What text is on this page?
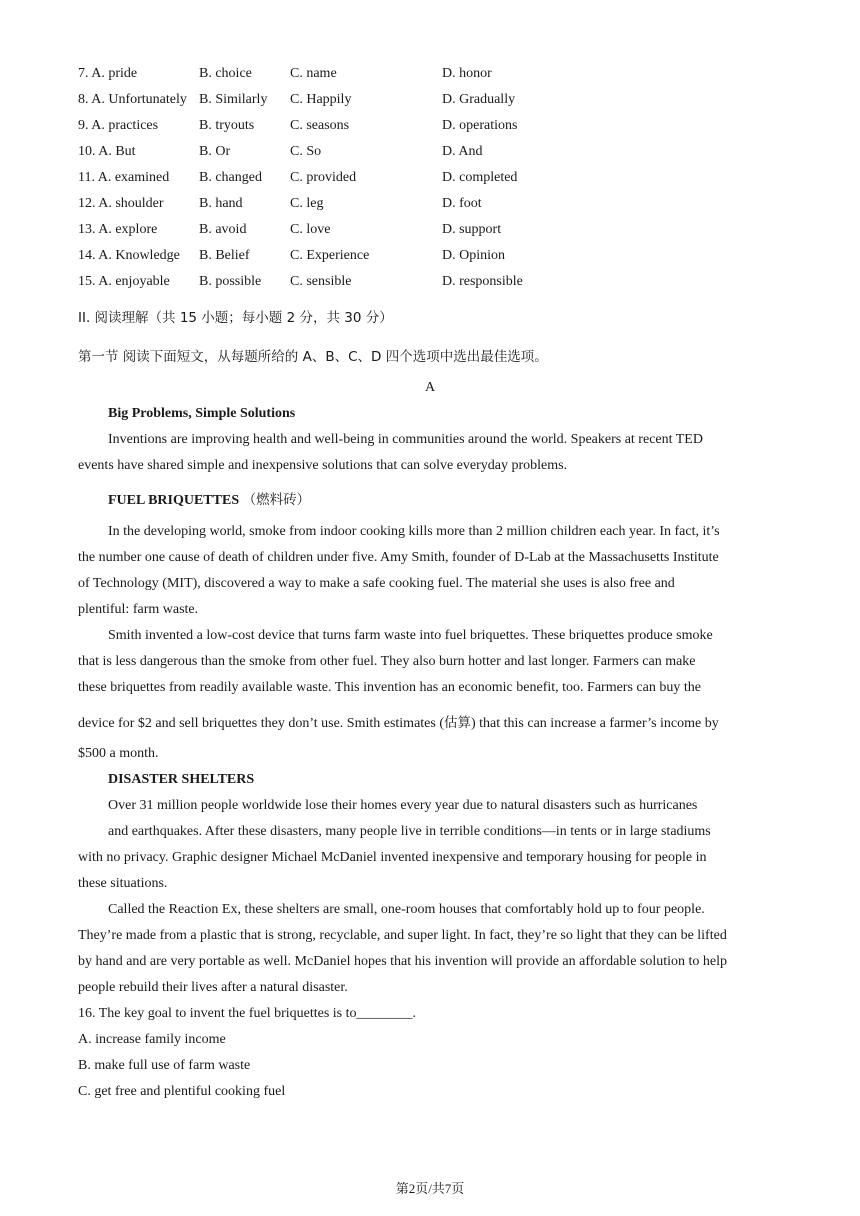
7. A. pride	B. choice	C. name	D. honor
8. A. Unfortunately B. Similarly C. Happily	D. Gradually
9. A. practices	B. tryouts	C. seasons	D. operations
10. A. But	B. Or	C. So	D. And
11. A. examined B. changed C. provided	D. completed
12. A. shoulder	B. hand	C. leg	D. foot
13. A. explore	B. avoid	C. love	D. support
14. A. Knowledge B. Belief	C. Experience	D. Opinion
15. A. enjoyable B. possible C. sensible	D. responsible
II. 阅读理解（共 15 小题；每小题 2 分，共 30 分）
第一节 阅读下面短文，从每题所给的 A、B、C、D 四个选项中选出最佳选项。
A
Big Problems, Simple Solutions
Inventions are improving health and well-being in communities around the world. Speakers at recent TED
events have shared simple and inexpensive solutions that can solve everyday problems.
FUEL BRIQUETTES （燃料砖）
In the developing world, smoke from indoor cooking kills more than 2 million children each year. In fact, it’s
the number one cause of death of children under five. Amy Smith, founder of D-Lab at the Massachusetts Institute
of Technology (MIT), discovered a way to make a safe cooking fuel. The material she uses is also free and
plentiful: farm waste.
Smith invented a low-cost device that turns farm waste into fuel briquettes. These briquettes produce smoke
that is less dangerous than the smoke from other fuel. They also burn hotter and last longer. Farmers can make
these briquettes from readily available waste. This invention has an economic benefit, too. Farmers can buy the
device for $2 and sell briquettes they don’t use. Smith estimates (估算) that this can increase a farmer’s income by
$500 a month.
DISASTER SHELTERS
Over 31 million people worldwide lose their homes every year due to natural disasters such as hurricanes
and earthquakes. After these disasters, many people live in terrible conditions—in tents or in large stadiums
with no privacy. Graphic designer Michael McDaniel invented inexpensive and temporary housing for people in
these situations.
Called the Reaction Ex, these shelters are small, one-room houses that comfortably hold up to four people.
They’re made from a plastic that is strong, recyclable, and super light. In fact, they’re so light that they can be lifted
by hand and are very portable as well. McDaniel hopes that his invention will provide an affordable solution to help
people rebuild their lives after a natural disaster.
16. The key goal to invent the fuel briquettes is to________.
A. increase family income
B. make full use of farm waste
C. get free and plentiful cooking fuel
第2页/共7页
